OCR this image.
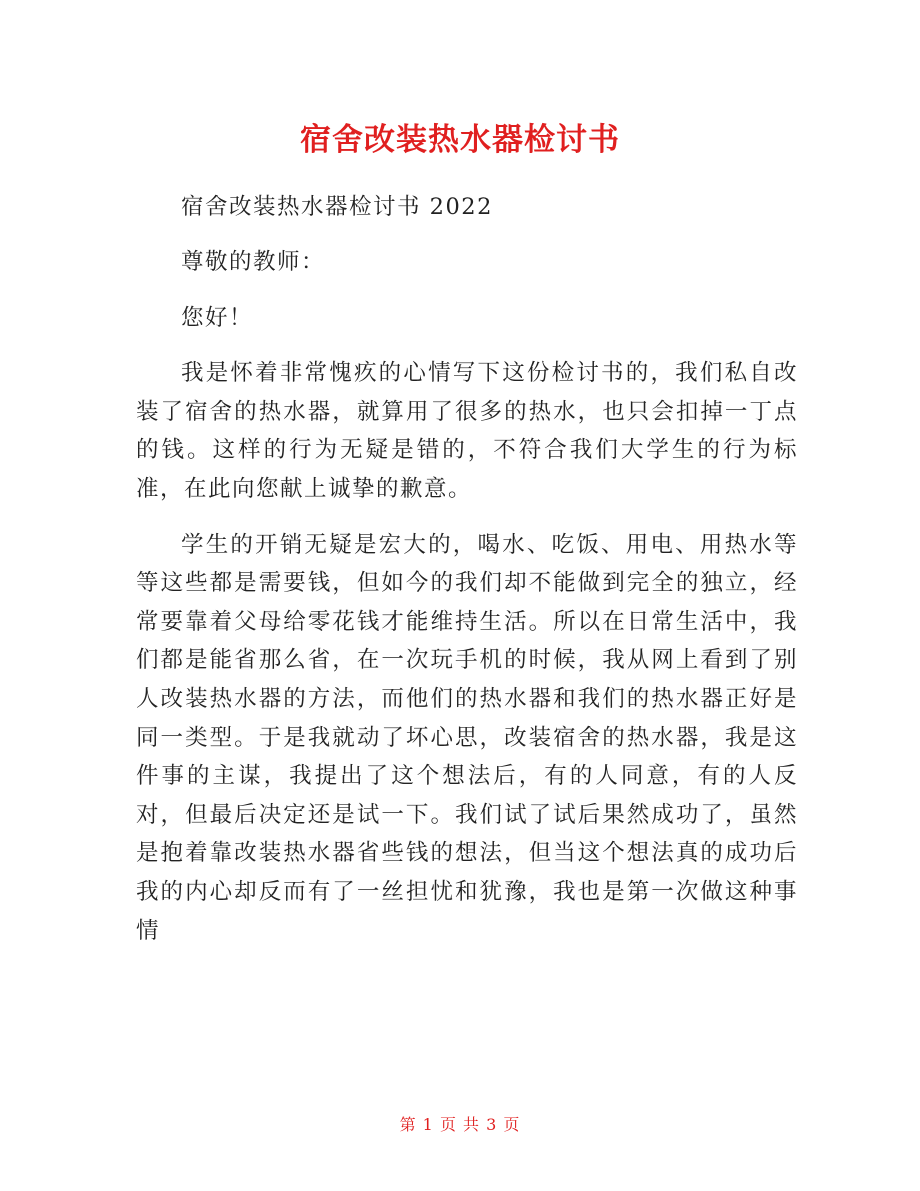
宿舍改装热水器检讨书

宿舍改装热水器检讨书 2022

尊敬的教师：

您好！

我是怀着非常愧疚的心情写下这份检讨书的，我们私自改装了宿舍的热水器，就算用了很多的热水，也只会扣掉一丁点的钱。这样的行为无疑是错的，不符合我们大学生的行为标准，在此向您献上诚挚的歉意。

学生的开销无疑是宏大的，喝水、吃饭、用电、用热水等等这些都是需要钱，但如今的我们却不能做到完全的独立，经常要靠着父母给零花钱才能维持生活。所以在日常生活中，我们都是能省那么省，在一次玩手机的时候，我从网上看到了别人改装热水器的方法，而他们的热水器和我们的热水器正好是同一类型。于是我就动了坏心思，改装宿舍的热水器，我是这件事的主谋，我提出了这个想法后，有的人同意，有的人反对，但最后决定还是试一下。我们试了试后果然成功了，虽然是抱着靠改装热水器省些钱的想法，但当这个想法真的成功后我的内心却反而有了一丝担忧和犹豫，我也是第一次做这种事情

第 1 页 共 3 页
